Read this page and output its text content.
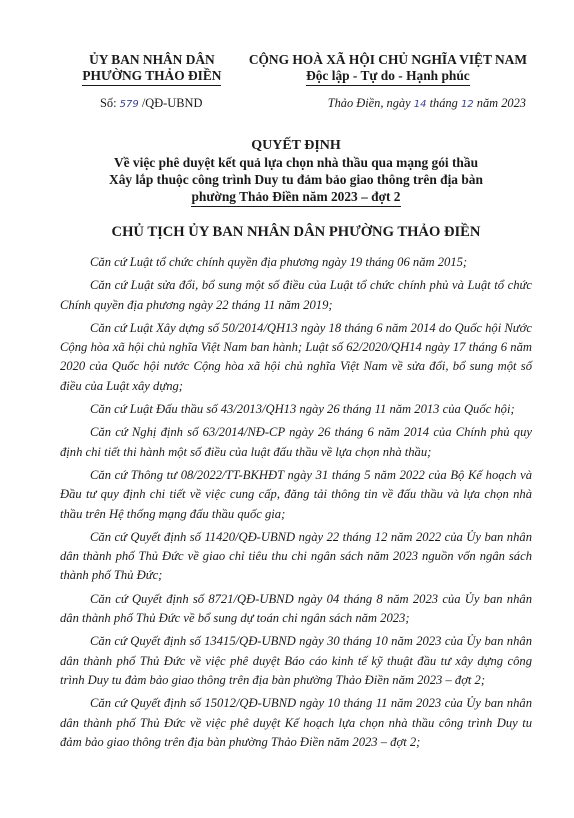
ỦY BAN NHÂN DÂN
PHƯỜNG THẢO ĐIỀN
CỘNG HOÀ XÃ HỘI CHỦ NGHĨA VIỆT NAM
Độc lập - Tự do - Hạnh phúc
Số: 579 /QĐ-UBND	Thảo Điền, ngày 14 tháng 12 năm 2023
QUYẾT ĐỊNH
Về việc phê duyệt kết quả lựa chọn nhà thầu qua mạng gói thầu
Xây lắp thuộc công trình Duy tu đảm bảo giao thông trên địa bàn
phường Thảo Điền năm 2023 – đợt 2
CHỦ TỊCH ỦY BAN NHÂN DÂN PHƯỜNG THẢO ĐIỀN

Căn cứ Luật tổ chức chính quyền địa phương ngày 19 tháng 06 năm 2015;

Căn cứ Luật sửa đổi, bổ sung một số điều của Luật tổ chức chính phủ và Luật tổ chức Chính quyền địa phương ngày 22 tháng 11 năm 2019;

Căn cứ Luật Xây dựng số 50/2014/QH13 ngày 18 tháng 6 năm 2014 do Quốc hội Nước Cộng hòa xã hội chủ nghĩa Việt Nam ban hành; Luật số 62/2020/QH14 ngày 17 tháng 6 năm 2020 của Quốc hội nước Cộng hòa xã hội chủ nghĩa Việt Nam về sửa đổi, bổ sung một số điều của Luật xây dựng;

Căn cứ Luật Đấu thầu số 43/2013/QH13 ngày 26 tháng 11 năm 2013 của Quốc hội;

Căn cứ Nghị định số 63/2014/NĐ-CP ngày 26 tháng 6 năm 2014 của Chính phủ quy định chi tiết thi hành một số điều của luật đấu thầu về lựa chọn nhà thầu;

Căn cứ Thông tư 08/2022/TT-BKHĐT ngày 31 tháng 5 năm 2022 của Bộ Kế hoạch và Đầu tư quy định chi tiết về việc cung cấp, đăng tải thông tin về đấu thầu và lựa chọn nhà thầu trên Hệ thống mạng đấu thầu quốc gia;

Căn cứ Quyết định số 11420/QĐ-UBND ngày 22 tháng 12 năm 2022 của Ủy ban nhân dân thành phố Thủ Đức về giao chỉ tiêu thu chi ngân sách năm 2023 nguồn vốn ngân sách thành phố Thủ Đức;

Căn cứ Quyết định số 8721/QĐ-UBND ngày 04 tháng 8 năm 2023 của Ủy ban nhân dân thành phố Thủ Đức về bổ sung dự toán chi ngân sách năm 2023;

Căn cứ Quyết định số 13415/QĐ-UBND ngày 30 tháng 10 năm 2023 của Ủy ban nhân dân thành phố Thủ Đức về việc phê duyệt Báo cáo kinh tế kỹ thuật đầu tư xây dựng công trình Duy tu đảm bảo giao thông trên địa bàn phường Thảo Điền năm 2023 – đợt 2;

Căn cứ Quyết định số 15012/QĐ-UBND ngày 10 tháng 11 năm 2023 của Ủy ban nhân dân thành phố Thủ Đức về việc phê duyệt Kế hoạch lựa chọn nhà thầu công trình Duy tu đảm bảo giao thông trên địa bàn phường Thảo Điền năm 2023 – đợt 2;
